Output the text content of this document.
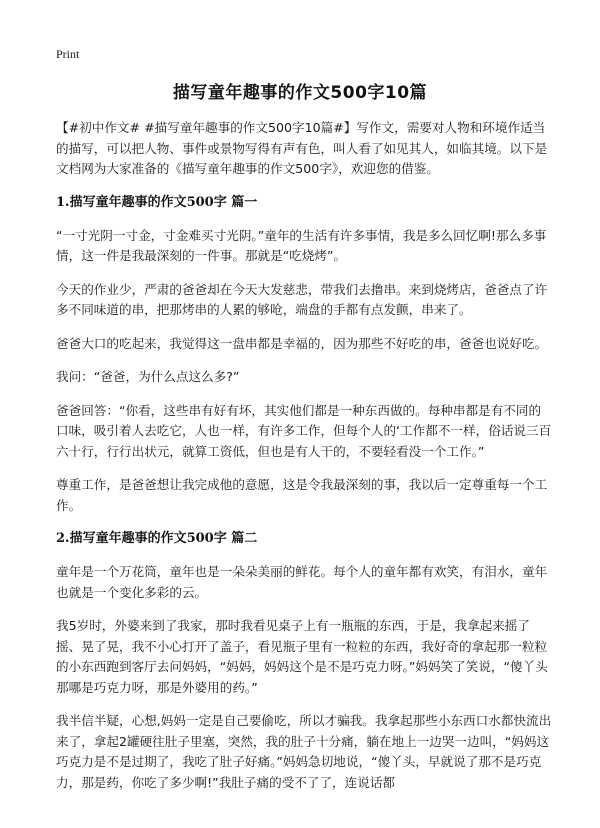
Print
描写童年趣事的作文500字10篇

【#初中作文# #描写童年趣事的作文500字10篇#】写作文，需要对人物和环境作适当的描写，可以把人物、事件或景物写得有声有色，叫人看了如见其人，如临其境。以下是文档网为大家准备的《描写童年趣事的作文500字》，欢迎您的借鉴。

1.描写童年趣事的作文500字 篇一

“一寸光阴一寸金，寸金难买寸光阴。”童年的生活有许多事情，我是多么回忆啊!那么多事情，这一件是我最深刻的一件事。那就是“吃烧烤”。

今天的作业少，严肃的爸爸却在今天大发慈悲，带我们去撸串。来到烧烤店，爸爸点了许多不同味道的串，把那烤串的人累的够呛，端盘的手都有点发颤，串来了。

爸爸大口的吃起来，我觉得这一盘串都是幸福的，因为那些不好吃的串，爸爸也说好吃。

我问：“爸爸，为什么点这么多?”

爸爸回答：“你看，这些串有好有坏，其实他们都是一种东西做的。每种串都是有不同的口味，吸引着人去吃它，人也一样，有许多工作，但每个人的‘工作都不一样，俗话说三百六十行，行行出状元，就算工资低，但也是有人干的，不要轻看没一个工作。”

尊重工作，是爸爸想让我完成他的意愿，这是令我最深刻的事，我以后一定尊重每一个工作。

2.描写童年趣事的作文500字 篇二

童年是一个万花筒，童年也是一朵朵美丽的鲜花。每个人的童年都有欢笑，有泪水，童年也就是一个变化多彩的云。

我5岁时，外婆来到了我家，那时我看见桌子上有一瓶瓶的东西，于是，我拿起来摇了摇、晃了晃，我不小心打开了盖子，看见瓶子里有一粒粒的东西，我好奇的拿起那一粒粒的小东西跑到客厅去问妈妈，“妈妈，妈妈这个是不是巧克力呀。”妈妈笑了笑说，“傻丫头那哪是巧克力呀，那是外婆用的药。”

我半信半疑，心想,妈妈一定是自己要偷吃，所以才骗我。我拿起那些小东西口水都快流出来了，拿起2罐硬往肚子里塞，突然，我的肚子十分痛，躺在地上一边哭一边叫，“妈妈这巧克力是不是过期了，我吃了肚子好痛。”妈妈急切地说，“傻丫头，早就说了那不是巧克力，那是药，你吃了多少啊!”我肚子痛的受不了了，连说话都
